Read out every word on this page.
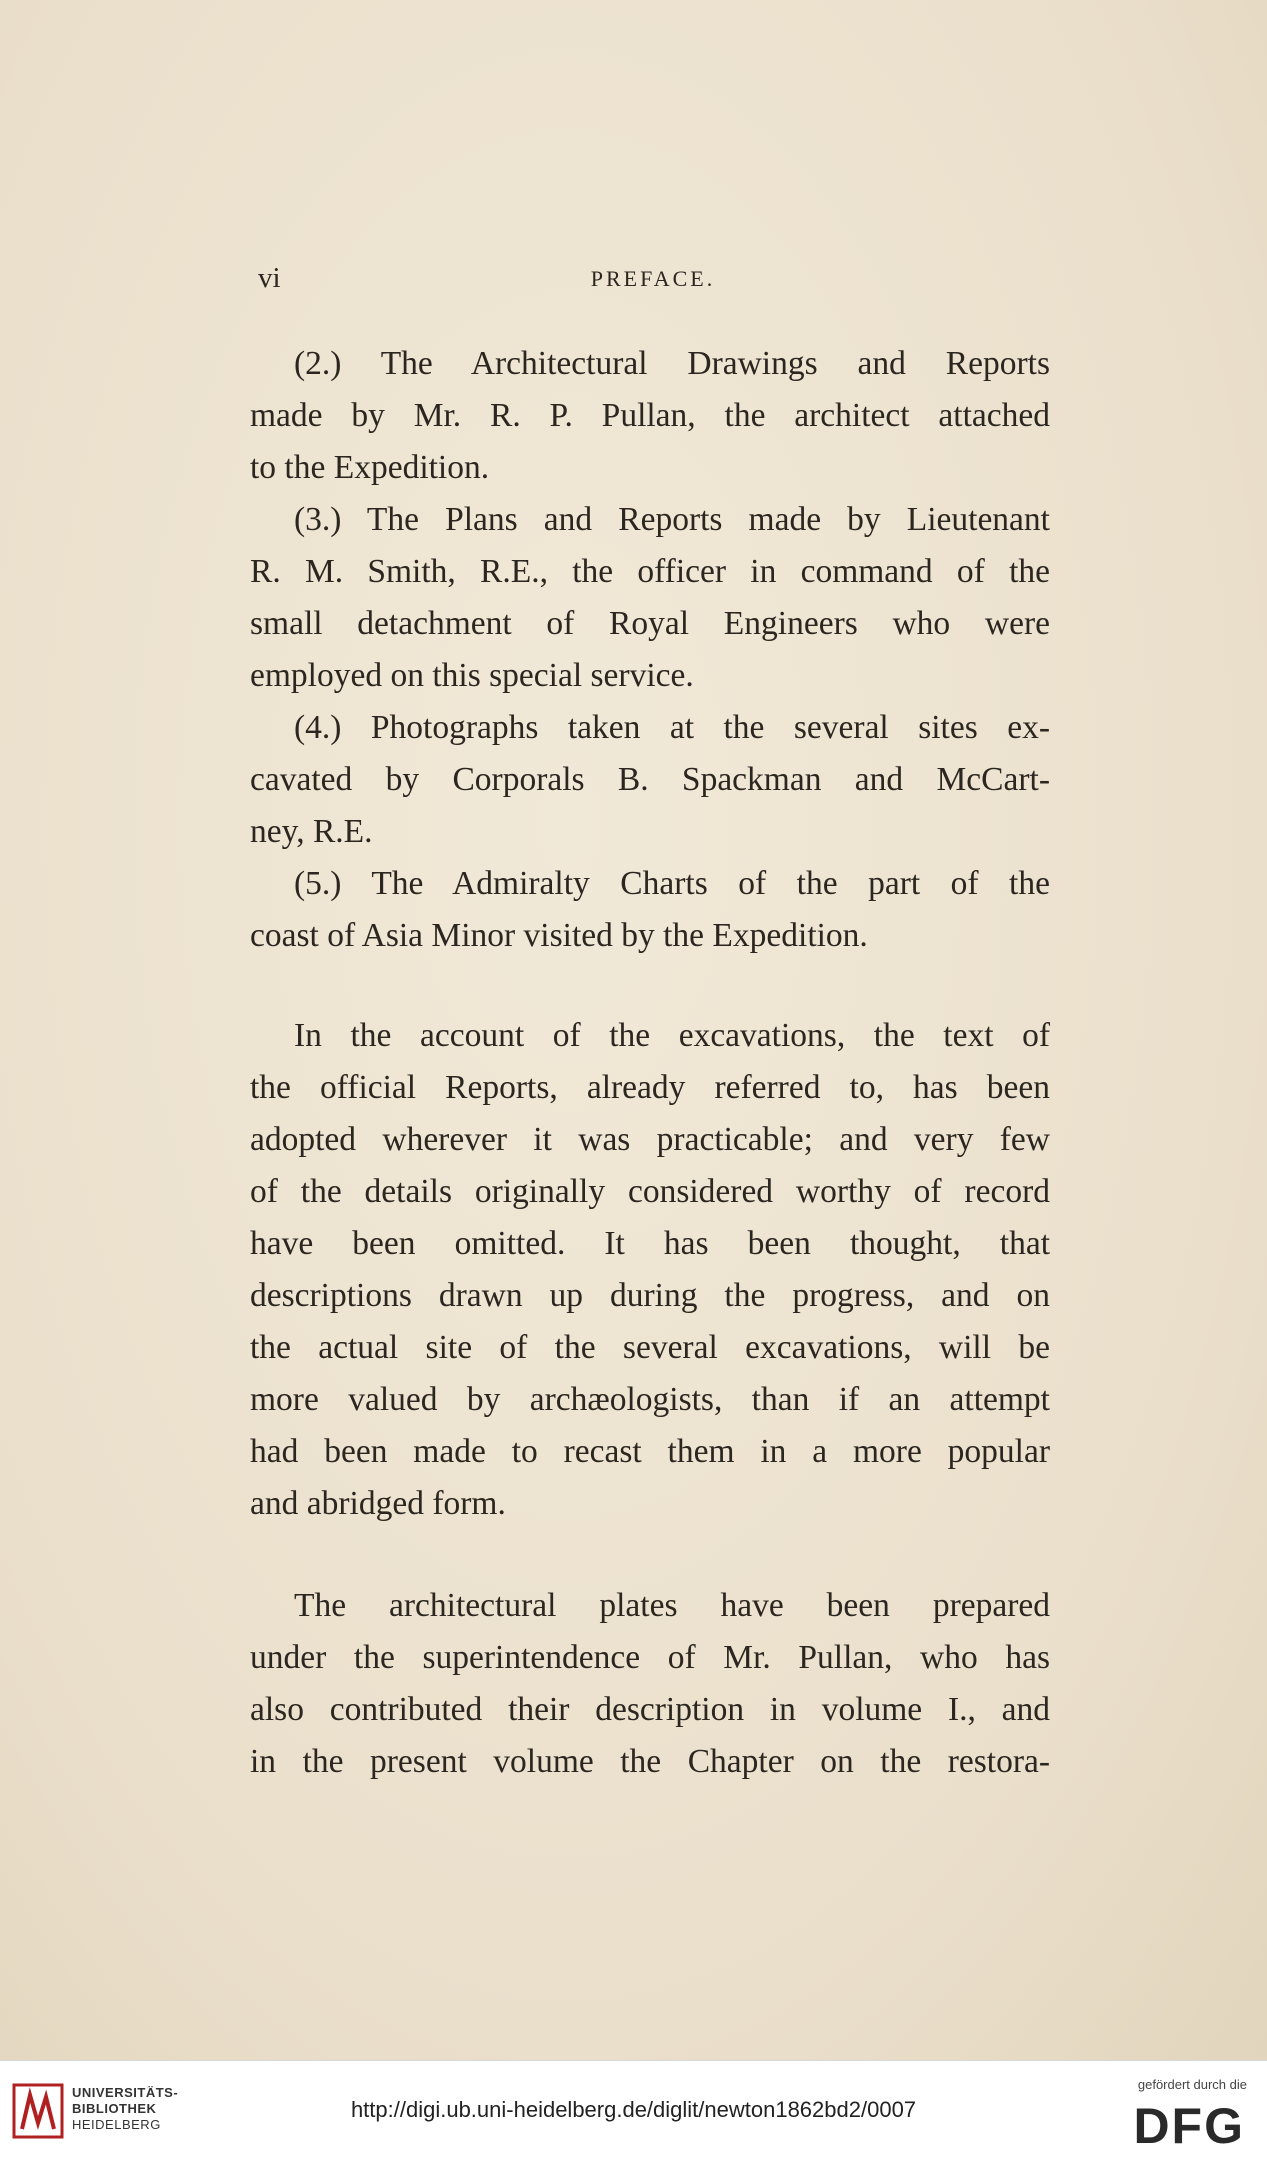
vi	PREFACE.
(2.) The Architectural Drawings and Reports
made by Mr. R. P. Pullan, the architect attached
to the Expedition.
(3.) The Plans and Reports made by Lieutenant
R. M. Smith, R.E., the officer in command of the
small detachment of Royal Engineers who were
employed on this special service.
(4.) Photographs taken at the several sites ex-
cavated by Corporals B. Spackman and McCart-
ney, R.E.
(5.) The Admiralty Charts of the part of the
coast of Asia Minor visited by the Expedition.
In the account of the excavations, the text of
the official Reports, already referred to, has been
adopted wherever it was practicable; and very few
of the details originally considered worthy of record
have been omitted. It has been thought, that
descriptions drawn up during the progress, and on
the actual site of the several excavations, will be
more valued by archæologists, than if an attempt
had been made to recast them in a more popular
and abridged form.
The architectural plates have been prepared
under the superintendence of Mr. Pullan, who has
also contributed their description in volume I., and
in the present volume the Chapter on the restora-
UNIVERSITÄTS-
BIBLIOTHEK
HEIDELBERG
http://digi.ub.uni-heidelberg.de/diglit/newton1862bd2/0007
gefördert durch die
DFG
